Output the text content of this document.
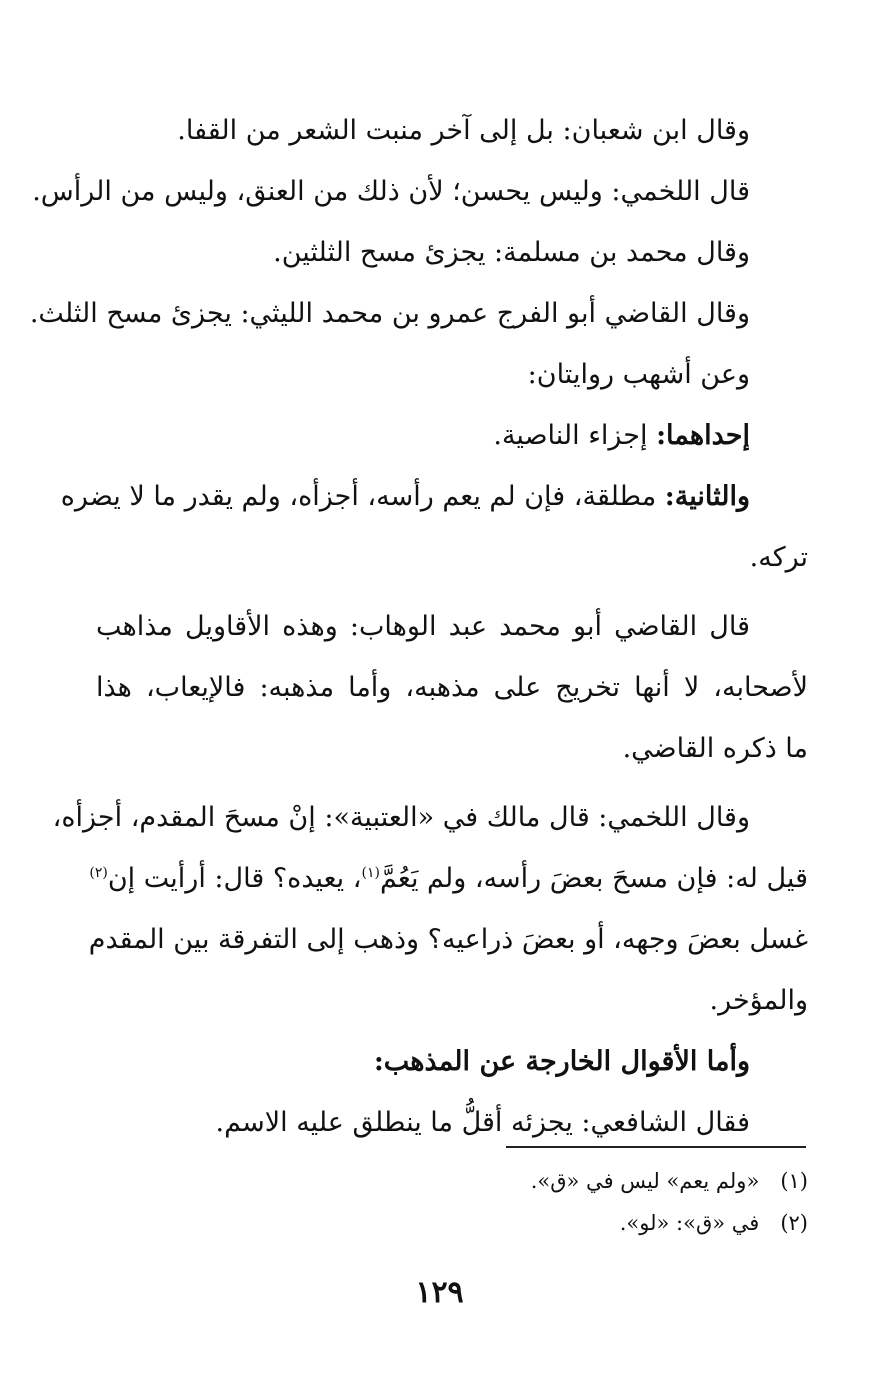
وقال ابن شعبان: بل إلى آخر منبت الشعر من القفا.
قال اللخمي: وليس يحسن؛ لأن ذلك من العنق، وليس من الرأس.
وقال محمد بن مسلمة: يجزئ مسح الثلثين.
وقال القاضي أبو الفرج عمرو بن محمد الليثي: يجزئ مسح الثلث.
وعن أشهب روايتان:
إحداهما: إجزاء الناصية.
والثانية: مطلقة، فإن لم يعم رأسه، أجزأه، ولم يقدر ما لا يضره
تركه.
قال القاضي أبو محمد عبد الوهاب: وهذه الأقاويل مذاهب
لأصحابه، لا أنها تخريج على مذهبه، وأما مذهبه: فالإيعاب، هذا
ما ذكره القاضي.
وقال اللخمي: قال مالك في «العتبية»: إنْ مسحَ المقدم، أجزأه،
قيل له: فإن مسحَ بعضَ رأسه، ولم يَعُمَّ$^{(١)}$، يعيده؟ قال: أرأيت إن$^{(٢)}$
غسل بعضَ وجهه، أو بعضَ ذراعيه؟ وذهب إلى التفرقة بين المقدم
والمؤخر.
وأما الأقوال الخارجة عن المذهب:
فقال الشافعي: يجزئه أقلُّ ما ينطلق عليه الاسم.
(١) «ولم يعم» ليس في «ق».
(٢) في «ق»: «لو».
١٢٩
